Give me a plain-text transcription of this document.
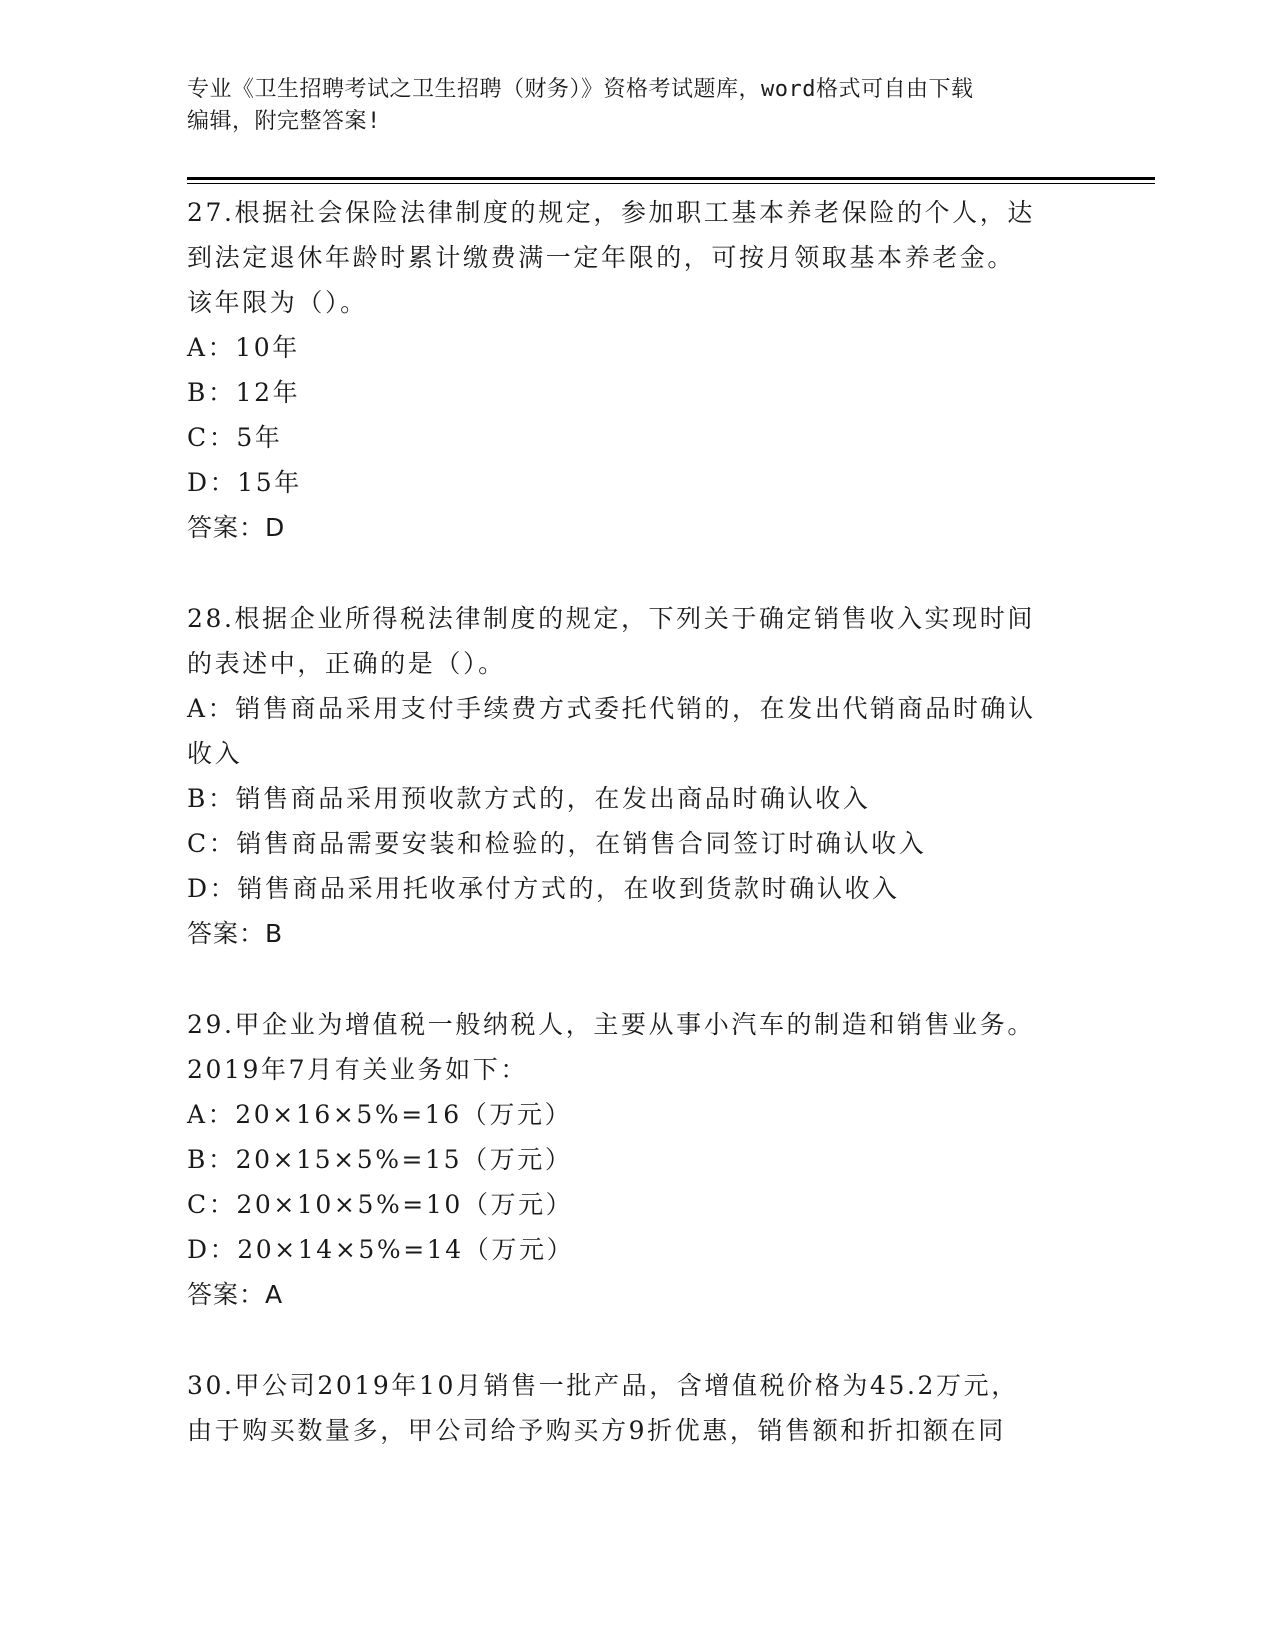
专业《卫生招聘考试之卫生招聘（财务）》资格考试题库，word格式可自由下载
编辑，附完整答案!

27.根据社会保险法律制度的规定，参加职工基本养老保险的个人，达

到法定退休年龄时累计缴费满一定年限的，可按月领取基本养老金。

该年限为（）。

A：10年

B：12年

C：5年

D：15年

答案：D

28.根据企业所得税法律制度的规定，下列关于确定销售收入实现时间

的表述中，正确的是（）。

A：销售商品采用支付手续费方式委托代销的，在发出代销商品时确认

收入

B：销售商品采用预收款方式的，在发出商品时确认收入

C：销售商品需要安装和检验的，在销售合同签订时确认收入

D：销售商品采用托收承付方式的，在收到货款时确认收入

答案：B

29.甲企业为增值税一般纳税人，主要从事小汽车的制造和销售业务。

2019年7月有关业务如下：

A：20×16×5%=16（万元）

B：20×15×5%=15（万元）

C：20×10×5%=10（万元）

D：20×14×5%=14（万元）

答案：A

30.甲公司2019年10月销售一批产品，含增值税价格为45.2万元，

由于购买数量多，甲公司给予购买方9折优惠，销售额和折扣额在同
